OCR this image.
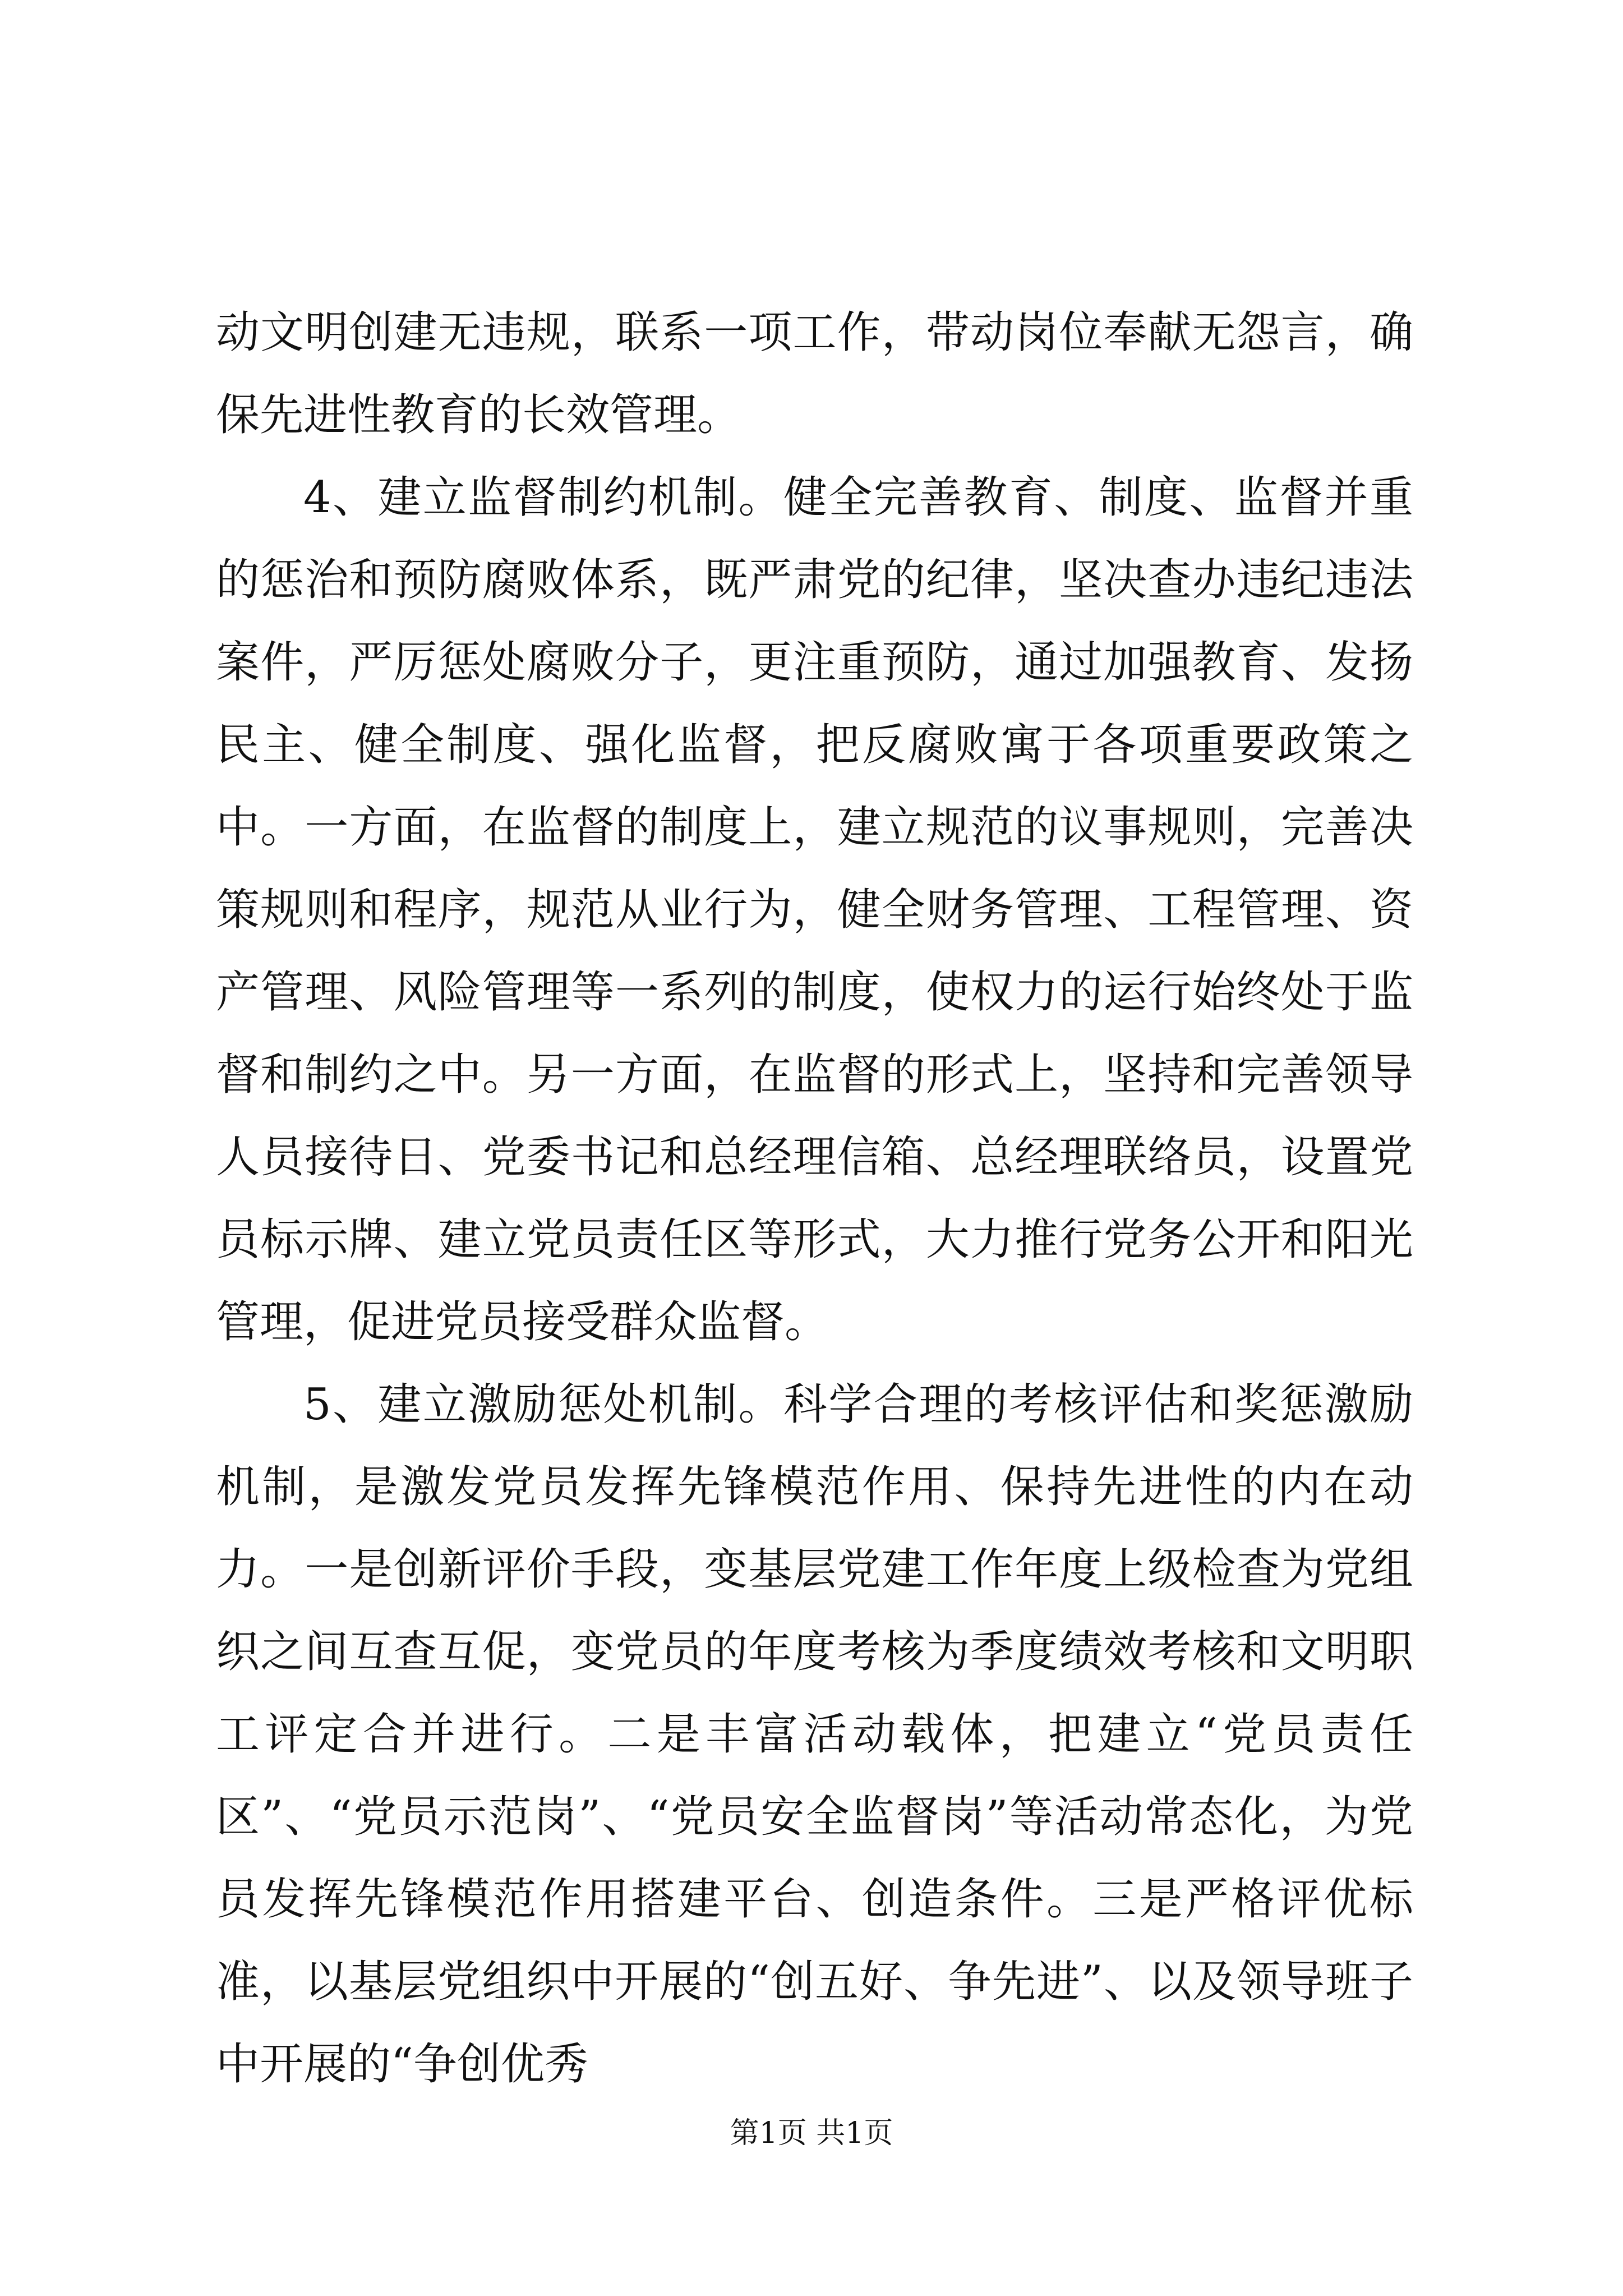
动文明创建无违规，联系一项工作，带动岗位奉献无怨言，确保先进性教育的长效管理。

4、建立监督制约机制。健全完善教育、制度、监督并重的惩治和预防腐败体系，既严肃党的纪律，坚决查办违纪违法案件，严厉惩处腐败分子，更注重预防，通过加强教育、发扬民主、健全制度、强化监督，把反腐败寓于各项重要政策之中。一方面，在监督的制度上，建立规范的议事规则，完善决策规则和程序，规范从业行为，健全财务管理、工程管理、资产管理、风险管理等一系列的制度，使权力的运行始终处于监督和制约之中。另一方面，在监督的形式上，坚持和完善领导人员接待日、党委书记和总经理信箱、总经理联络员，设置党员标示牌、建立党员责任区等形式，大力推行党务公开和阳光管理，促进党员接受群众监督。

5、建立激励惩处机制。科学合理的考核评估和奖惩激励机制，是激发党员发挥先锋模范作用、保持先进性的内在动力。一是创新评价手段，变基层党建工作年度上级检查为党组织之间互查互促，变党员的年度考核为季度绩效考核和文明职工评定合并进行。二是丰富活动载体，把建立“党员责任区”、“党员示范岗”、“党员安全监督岗”等活动常态化，为党员发挥先锋模范作用搭建平台、创造条件。三是严格评优标准，以基层党组织中开展的“创五好、争先进”、以及领导班子中开展的“争创优秀

第1页 共1页
